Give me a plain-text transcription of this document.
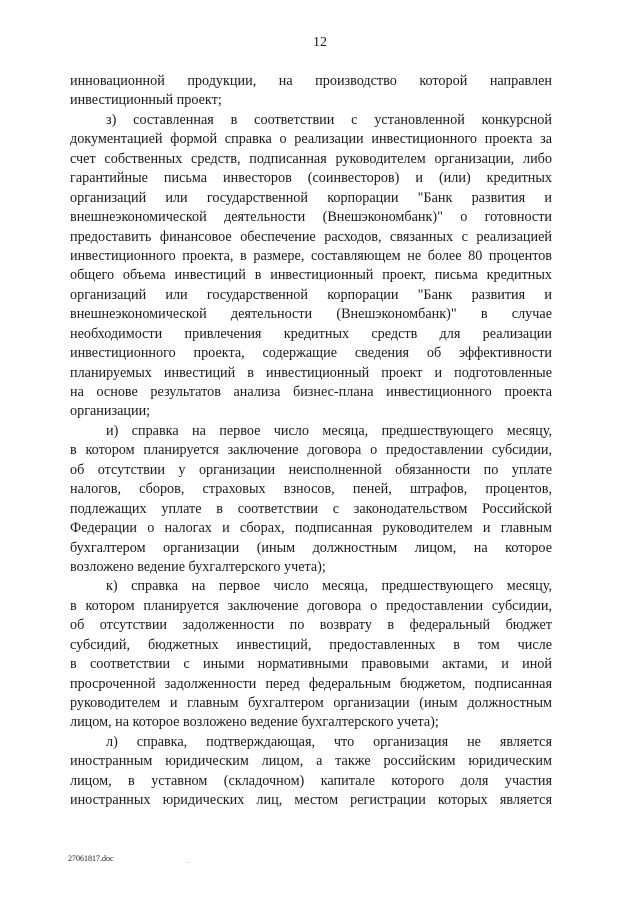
12
инновационной продукции, на производство которой направлен
инвестиционный проект;
з) составленная в соответствии с установленной конкурсной
документацией формой справка о реализации инвестиционного проекта за
счет собственных средств, подписанная руководителем организации, либо
гарантийные письма инвесторов (соинвесторов) и (или) кредитных
организаций или государственной корпорации "Банк развития и
внешнеэкономической деятельности (Внешэкономбанк)" о готовности
предоставить финансовое обеспечение расходов, связанных с реализацией
инвестиционного проекта, в размере, составляющем не более 80 процентов
общего объема инвестиций в инвестиционный проект, письма кредитных
организаций или государственной корпорации "Банк развития и
внешнеэкономической деятельности (Внешэкономбанк)" в случае
необходимости привлечения кредитных средств для реализации
инвестиционного проекта, содержащие сведения об эффективности
планируемых инвестиций в инвестиционный проект и подготовленные
на основе результатов анализа бизнес-плана инвестиционного проекта
организации;
и) справка на первое число месяца, предшествующего месяцу,
в котором планируется заключение договора о предоставлении субсидии,
об отсутствии у организации неисполненной обязанности по уплате
налогов, сборов, страховых взносов, пеней, штрафов, процентов,
подлежащих уплате в соответствии с законодательством Российской
Федерации о налогах и сборах, подписанная руководителем и главным
бухгалтером организации (иным должностным лицом, на которое
возложено ведение бухгалтерского учета);
к) справка на первое число месяца, предшествующего месяцу,
в котором планируется заключение договора о предоставлении субсидии,
об отсутствии задолженности по возврату в федеральный бюджет
субсидий, бюджетных инвестиций, предоставленных в том числе
в соответствии с иными нормативными правовыми актами, и иной
просроченной задолженности перед федеральным бюджетом, подписанная
руководителем и главным бухгалтером организации (иным должностным
лицом, на которое возложено ведение бухгалтерского учета);
л) справка, подтверждающая, что организация не является
иностранным юридическим лицом, а также российским юридическим
лицом, в уставном (складочном) капитале которого доля участия
иностранных юридических лиц, местом регистрации которых является
27061817.doc	.
